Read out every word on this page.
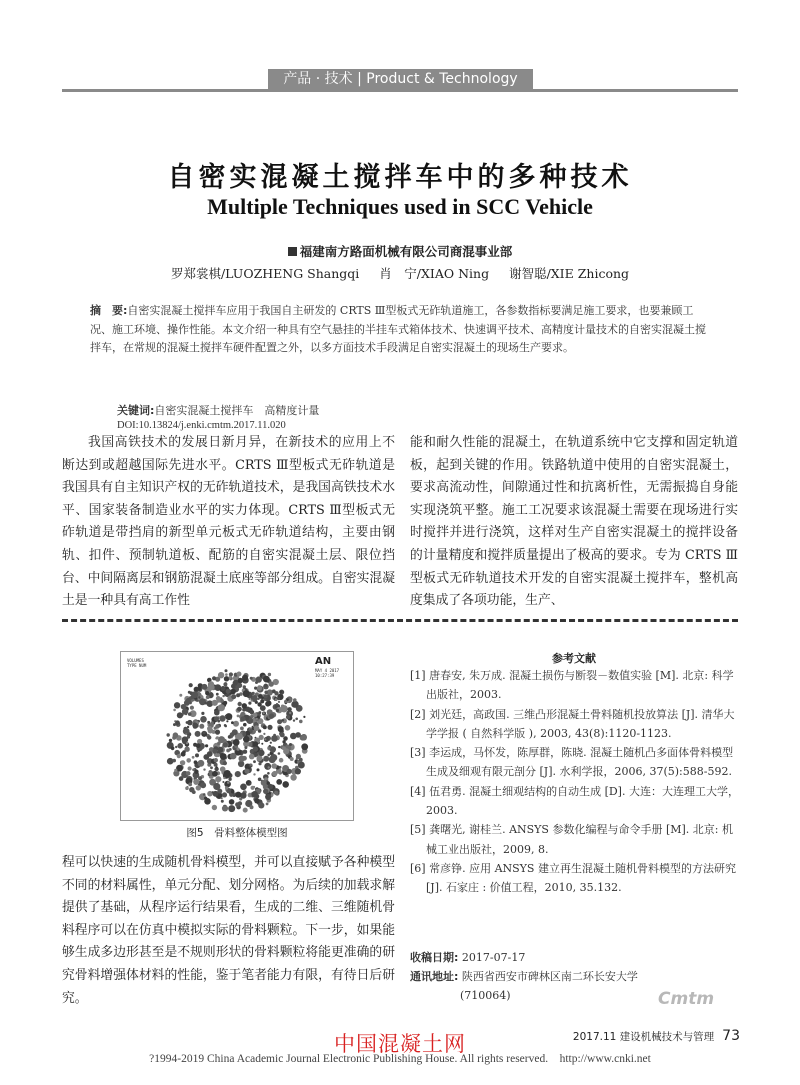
产品 · 技术 | Product & Technology
自密实混凝土搅拌车中的多种技术
Multiple Techniques used in SCC Vehicle
福建南方路面机械有限公司商混事业部
罗郑裳棋/LUOZHENG Shangqi 肖　宁/XIAO Ning 谢智聪/XIE Zhicong
摘　要:自密实混凝土搅拌车应用于我国自主研发的 CRTS Ⅲ型板式无砟轨道施工，各参数指标要满足施工要求，也要兼顾工况、施工环境、操作性能。本文介绍一种具有空气悬挂的半挂车式箱体技术、快速调平技术、高精度计量技术的自密实混凝土搅拌车，在常规的混凝土搅拌车硬件配置之外，以多方面技术手段满足自密实混凝土的现场生产要求。
关键词:自密实混凝土搅拌车　高精度计量
DOI:10.13824/j.enki.cmtm.2017.11.020
我国高铁技术的发展日新月异，在新技术的应用上不断达到或超越国际先进水平。CRTS Ⅲ型板式无砟轨道是我国具有自主知识产权的无砟轨道技术，是我国高铁技术水平、国家装备制造业水平的实力体现。CRTS Ⅲ型板式无砟轨道是带挡肩的新型单元板式无砟轨道结构，主要由钢轨、扣件、预制轨道板、配筋的自密实混凝土层、限位挡台、中间隔离层和钢筋混凝土底座等部分组成。自密实混凝土是一种具有高工作性
能和耐久性能的混凝土，在轨道系统中它支撑和固定轨道板，起到关键的作用。铁路轨道中使用的自密实混凝土，要求高流动性，间隙通过性和抗离析性，无需振捣自身能实现浇筑平整。施工工况要求该混凝土需要在现场进行实时搅拌并进行浇筑，这样对生产自密实混凝土的搅拌设备的计量精度和搅拌质量提出了极高的要求。专为 CRTS Ⅲ型板式无砟轨道技术开发的自密实混凝土搅拌车，整机高度集成了各项功能，生产、
VOLUMES
TYPE NUM	AN
MAY 4 2017
10:27:39
图5　骨料整体模型图
程可以快速的生成随机骨料模型，并可以直接赋予各种模型不同的材料属性，单元分配、划分网格。为后续的加载求解提供了基础，从程序运行结果看，生成的二维、三维随机骨料程序可以在仿真中模拟实际的骨料颗粒。下一步，如果能够生成多边形甚至是不规则形状的骨料颗粒将能更准确的研究骨料增强体材料的性能，鉴于笔者能力有限，有待日后研究。
参考文献
[1] 唐春安, 朱万成. 混凝土损伤与断裂－数值实验 [M]. 北京: 科学出版社，2003.
[2] 刘光廷，高政国. 三维凸形混凝土骨料随机投放算法 [J]. 清华大学学报 ( 自然科学版 ), 2003, 43(8):1120-1123.
[3] 李运成，马怀发，陈厚群，陈晓. 混凝土随机凸多面体骨料模型生成及细观有限元剖分 [J]. 水利学报，2006, 37(5):588-592.
[4] 伍君勇. 混凝土细观结构的自动生成 [D]. 大连：大连理工大学，2003.
[5] 龚曙光, 谢桂兰. ANSYS 参数化编程与命令手册 [M]. 北京: 机械工业出版社，2009, 8.
[6] 常彦铮. 应用 ANSYS 建立再生混凝土随机骨料模型的方法研究 [J]. 石家庄 : 价值工程，2010, 35.132.
收稿日期: 2017-07-17
通讯地址: 陕西省西安市碑林区南二环长安大学
(710064)	Cmtm
2017.11 建设机械技术与管理 73
中国混凝土网
?1994-2019 China Academic Journal Electronic Publishing House. All rights reserved.　http://www.cnki.net
